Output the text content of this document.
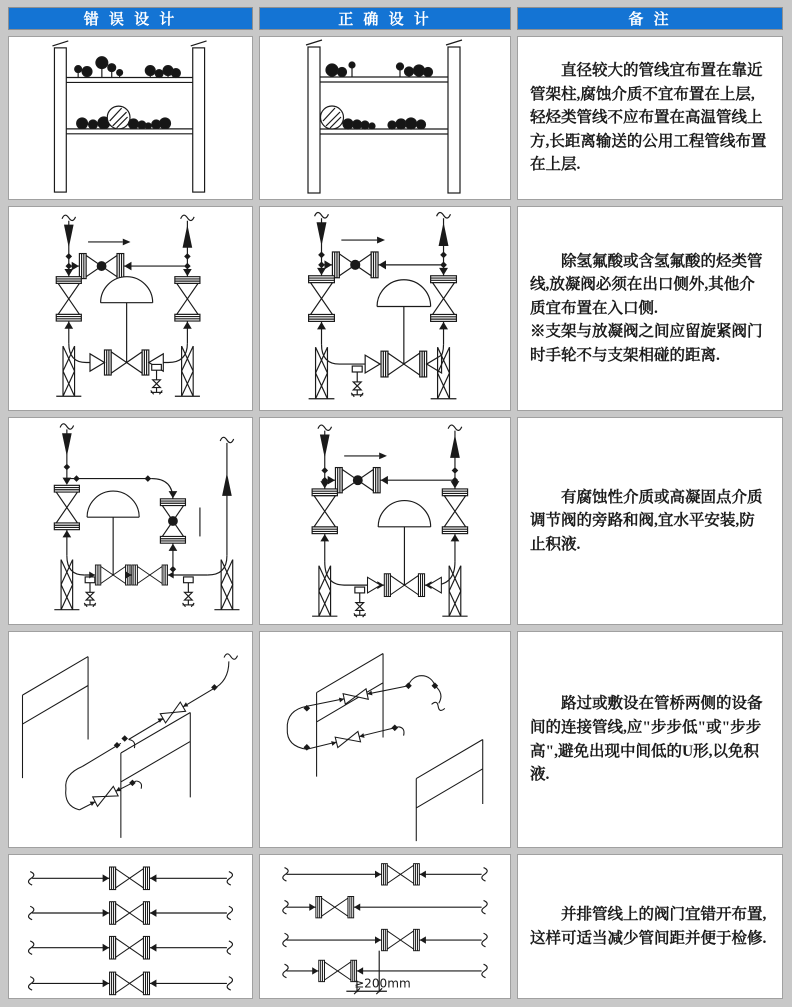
错 误 设 计	正 确 设 计	备 注

直径较大的管线宜布置在靠近管架柱,腐蚀介质不宜布置在上层,轻烃类管线不应布置在高温管线上方,长距离输送的公用工程管线布置在上层.

除氢氟酸或含氢氟酸的烃类管线,放凝阀必须在出口侧外,其他介质宜布置在入口侧.

※支架与放凝阀之间应留旋紧阀门时手轮不与支架相碰的距离.

有腐蚀性介质或高凝固点介质调节阀的旁路和阀,宜水平安装,防止积液.

路过或敷设在管桥两侧的设备间的连接管线,应"步步低"或"步步高",避免出现中间低的U形,以免积液.

≥200mm

并排管线上的阀门宜错开布置,这样可适当减少管间距并便于检修.
